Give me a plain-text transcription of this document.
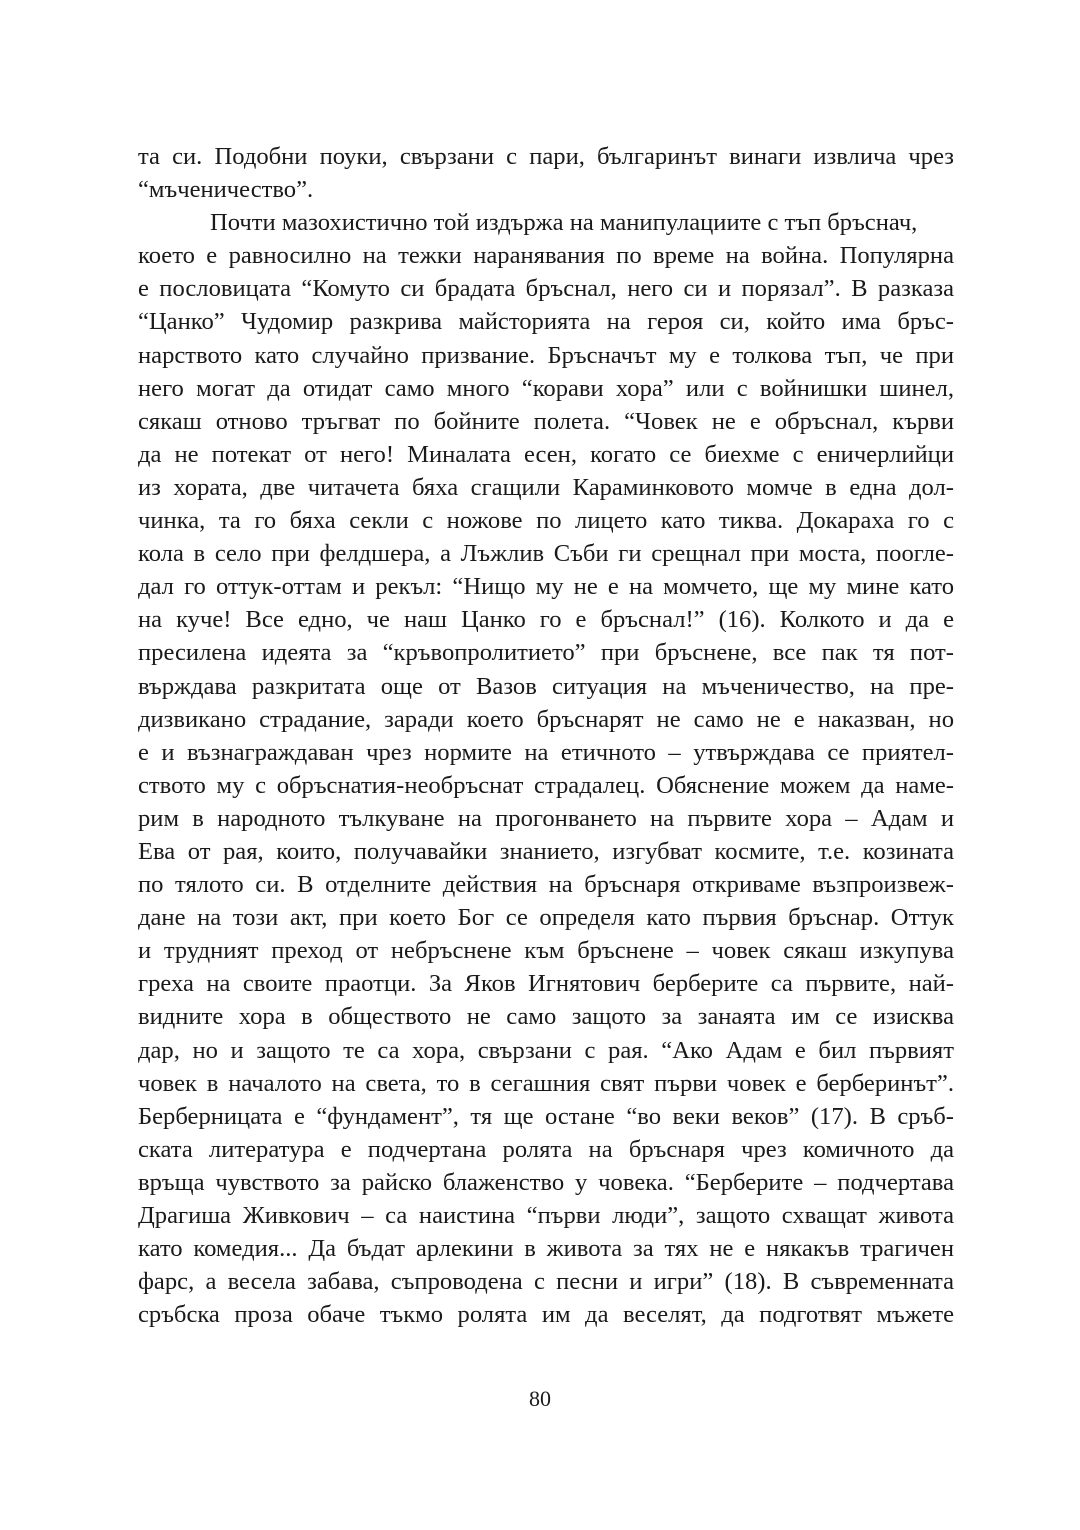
та си. Подобни поуки, свързани с пари, българинът винаги извлича чрез
“мъченичество”.
Почти мазохистично той издържа на манипулациите с тъп бръснач,
което е равносилно на тежки наранявания по време на война. Популярна
е пословицата “Комуто си брадата бръснал, него си и порязал”. В разказа
“Цанко” Чудомир разкрива майсторията на героя си, който има бръс-
нарството като случайно призвание. Бръсначът му е толкова тъп, че при
него могат да отидат само много “корави хора” или с войнишки шинел,
сякаш отново тръгват по бойните полета. “Човек не е обръснал, кърви
да не потекат от него! Миналата есен, когато се биехме с еничерлийци
из хората, две читачета бяха сгащили Караминковото момче в една дол-
чинка, та го бяха секли с ножове по лицето като тиква. Докараха го с
кола в село при фелдшера, а Лъжлив Съби ги срещнал при моста, поогле-
дал го оттук-оттам и рекъл: “Нищо му не е на момчето, ще му мине като
на куче! Все едно, че наш Цанко го е бръснал!” (16). Колкото и да е
пресилена идеята за “кръвопролитието” при бръснене, все пак тя пот-
върждава разкритата още от Вазов ситуация на мъченичество, на пре-
дизвикано страдание, заради което бръснарят не само не е наказван, но
е и възнаграждаван чрез нормите на етичното – утвърждава се приятел-
ството му с обръснатия-необръснат страдалец. Обяснение можем да наме-
рим в народното тълкуване на прогонването на първите хора – Адам и
Ева от рая, които, получавайки знанието, изгубват космите, т.е. козината
по тялото си. В отделните действия на бръснаря откриваме възпроизвеж-
дане на този акт, при което Бог се определя като първия бръснар. Оттук
и трудният преход от небръснене към бръснене – човек сякаш изкупува
греха на своите праотци. За Яков Игнятович берберите са първите, най-
видните хора в обществото не само защото за занаята им се изисква
дар, но и защото те са хора, свързани с рая. “Ако Адам е бил първият
човек в началото на света, то в сегашния свят първи човек е берберинът”.
Берберницата е “фундамент”, тя ще остане “во веки веков” (17). В сръб-
ската литература е подчертана ролята на бръснаря чрез комичното да
връща чувството за райско блаженство у човека. “Берберите – подчертава
Драгиша Живкович – са наистина “първи люди”, защото схващат живота
като комедия... Да бъдат арлекини в живота за тях не е някакъв трагичен
фарс, а весела забава, съпроводена с песни и игри” (18). В съвременната
сръбска проза обаче тъкмо ролята им да веселят, да подготвят мъжете
80
